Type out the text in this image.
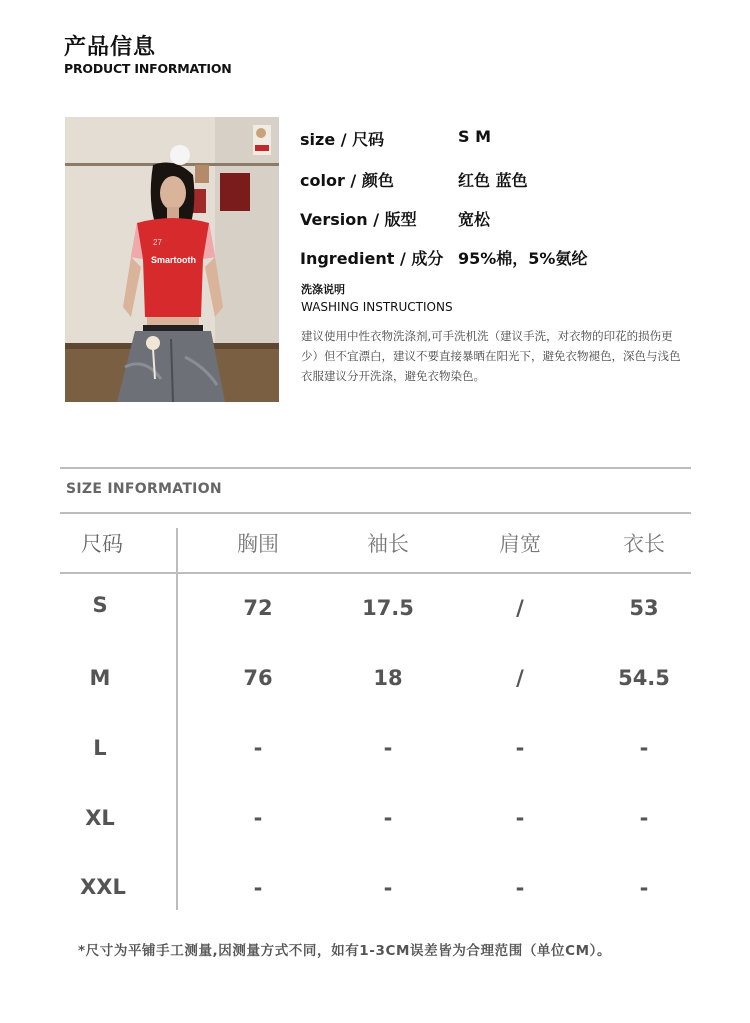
产品信息
PRODUCT INFORMATION
Smartooth
27
size / 尺码	S M
color / 颜色	红色 蓝色
Version / 版型	宽松
Ingredient / 成分 95%棉，5%氨纶
洗涤说明
WASHING INSTRUCTIONS
建议使用中性衣物洗涤剂,可手洗机洗（建议手洗，对衣物的印花的损伤更少）但不宜漂白，建议不要直接暴晒在阳光下，避免衣物褪色，深色与浅色衣服建议分开洗涤，避免衣物染色。
SIZE INFORMATION
尺码	胸围	袖长	肩宽	衣长
S	72	17.5	/	53
M	76	18	/	54.5
L	-	-	-	-
XL	-	-	-	-
XXL	-	-	-	-
*尺寸为平铺手工测量,因测量方式不同，如有1-3CM误差皆为合理范围（单位CM）。
